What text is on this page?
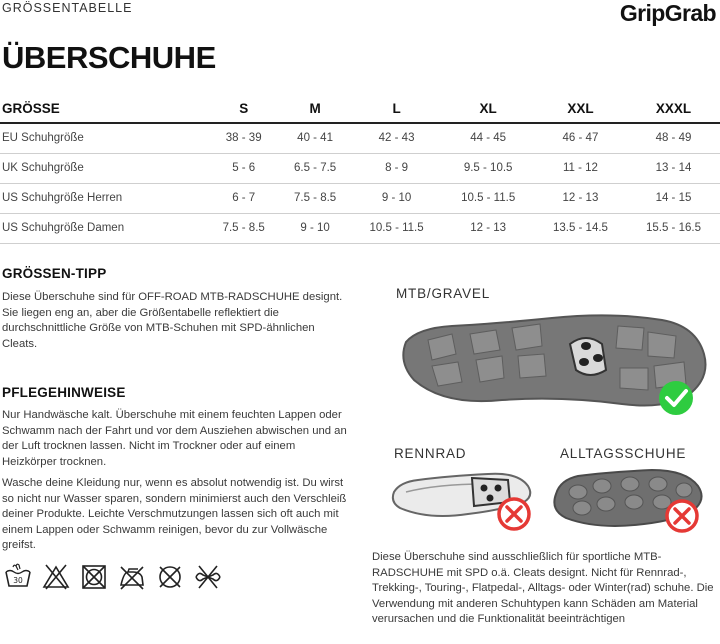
GRÖSSENTABELLE	GripGrab
ÜBERSCHUHE
GRÖSSE	S	M	L	XL	XXL	XXXL
EU Schuhgröße	38 - 39	40 - 41	42 - 43	44 - 45	46 - 47	48 - 49
UK Schuhgröße	5 - 6	6.5 - 7.5	8 - 9	9.5 - 10.5	11 - 12	13 - 14
US Schuhgröße Herren	6 - 7	7.5 - 8.5	9 - 10	10.5 - 11.5	12 - 13	14 - 15
US Schuhgröße Damen	7.5 - 8.5	9 - 10	10.5 - 11.5	12 - 13	13.5 - 14.5	15.5 - 16.5
GRÖSSEN-TIPP
Diese Überschuhe sind für OFF-ROAD MTB-RADSCHUHE designt. Sie liegen eng an, aber die Größentabelle reflektiert die durchschnittliche Größe von MTB-Schuhen mit SPD-ähnlichen Cleats.
PFLEGEHINWEISE
Nur Handwäsche kalt. Überschuhe mit einem feuchten Lappen oder Schwamm nach der Fahrt und vor dem Ausziehen abwischen und an der Luft trocknen lassen. Nicht im Trockner oder auf einem Heizkörper trocknen.
Wasche deine Kleidung nur, wenn es absolut notwendig ist. Du wirst so nicht nur Wasser sparen, sondern minimierst auch den Verschleiß deiner Produkte. Leichte Verschmutzungen lassen sich oft auch mit einem Lappen oder Schwamm reinigen, bevor du zur Vollwäsche greifst.
30
MTB/GRAVEL
RENNRAD	ALLTAGSSCHUHE
Diese Überschuhe sind ausschließlich für sportliche MTB-RADSCHUHE mit SPD o.ä. Cleats designt. Nicht für Rennrad-, Trekking-, Touring-, Flatpedal-, Alltags- oder Winter(rad) schuhe. Die Verwendung mit anderen Schuhtypen kann Schäden am Material verursachen und die Funktionalität beeinträchtigen
